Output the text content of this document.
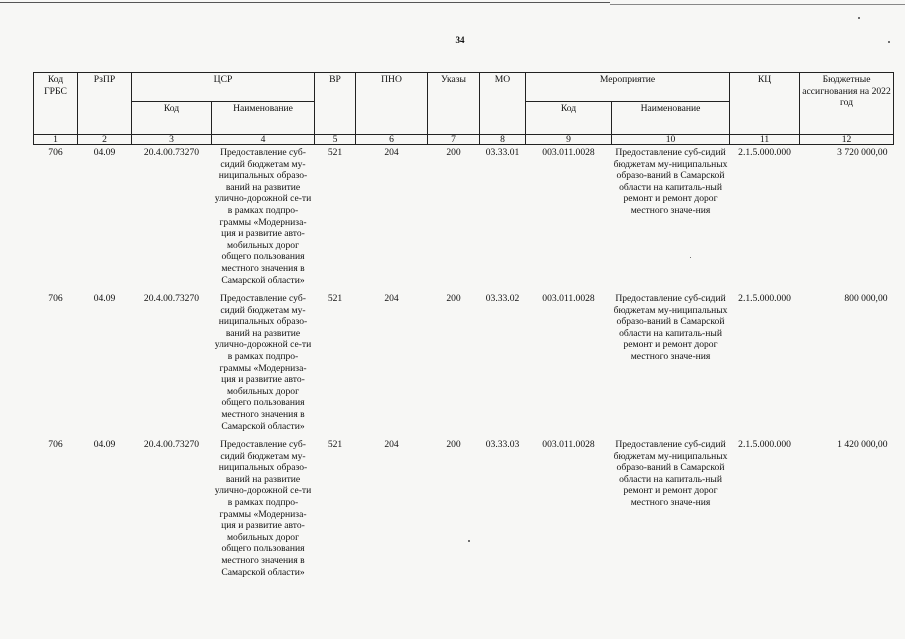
34
Код ГРБС	РзПР	ЦСР		ВР	ПНО	Указы	МО	Мероприятие		КЦ	Бюджетные ассигнования на 2022 год
		Код	Наименование					Код	Наименование		
1	2	3	4	5	6	7	8	9	10	11	12
706	04.09	20.4.00.73270	Предоставление суб-сидий бюджетам му-ниципальных образо-ваний на развитие улично-дорожной се-ти в рамках подпро-граммы «Модерниза-ция и развитие авто-мобильных дорог общего пользования местного значения в Самарской области»	521	204	200	03.33.01	003.011.0028	Предоставление суб-сидий бюджетам му-ниципальных образо-ваний в Самарской области на капиталь-ный ремонт и ремонт дорог местного значе-ния	2.1.5.000.000	3 720 000,00
706	04.09	20.4.00.73270	Предоставление суб-сидий бюджетам му-ниципальных образо-ваний на развитие улично-дорожной се-ти в рамках подпро-граммы «Модерниза-ция и развитие авто-мобильных дорог общего пользования местного значения в Самарской области»	521	204	200	03.33.02	003.011.0028	Предоставление суб-сидий бюджетам му-ниципальных образо-ваний в Самарской области на капиталь-ный ремонт и ремонт дорог местного значе-ния	2.1.5.000.000	800 000,00
706	04.09	20.4.00.73270	Предоставление суб-сидий бюджетам му-ниципальных образо-ваний на развитие улично-дорожной се-ти в рамках подпро-граммы «Модерниза-ция и развитие авто-мобильных дорог общего пользования местного значения в Самарской области»	521	204	200	03.33.03	003.011.0028	Предоставление суб-сидий бюджетам му-ниципальных образо-ваний в Самарской области на капиталь-ный ремонт и ремонт дорог местного значе-ния	2.1.5.000.000	1 420 000,00
